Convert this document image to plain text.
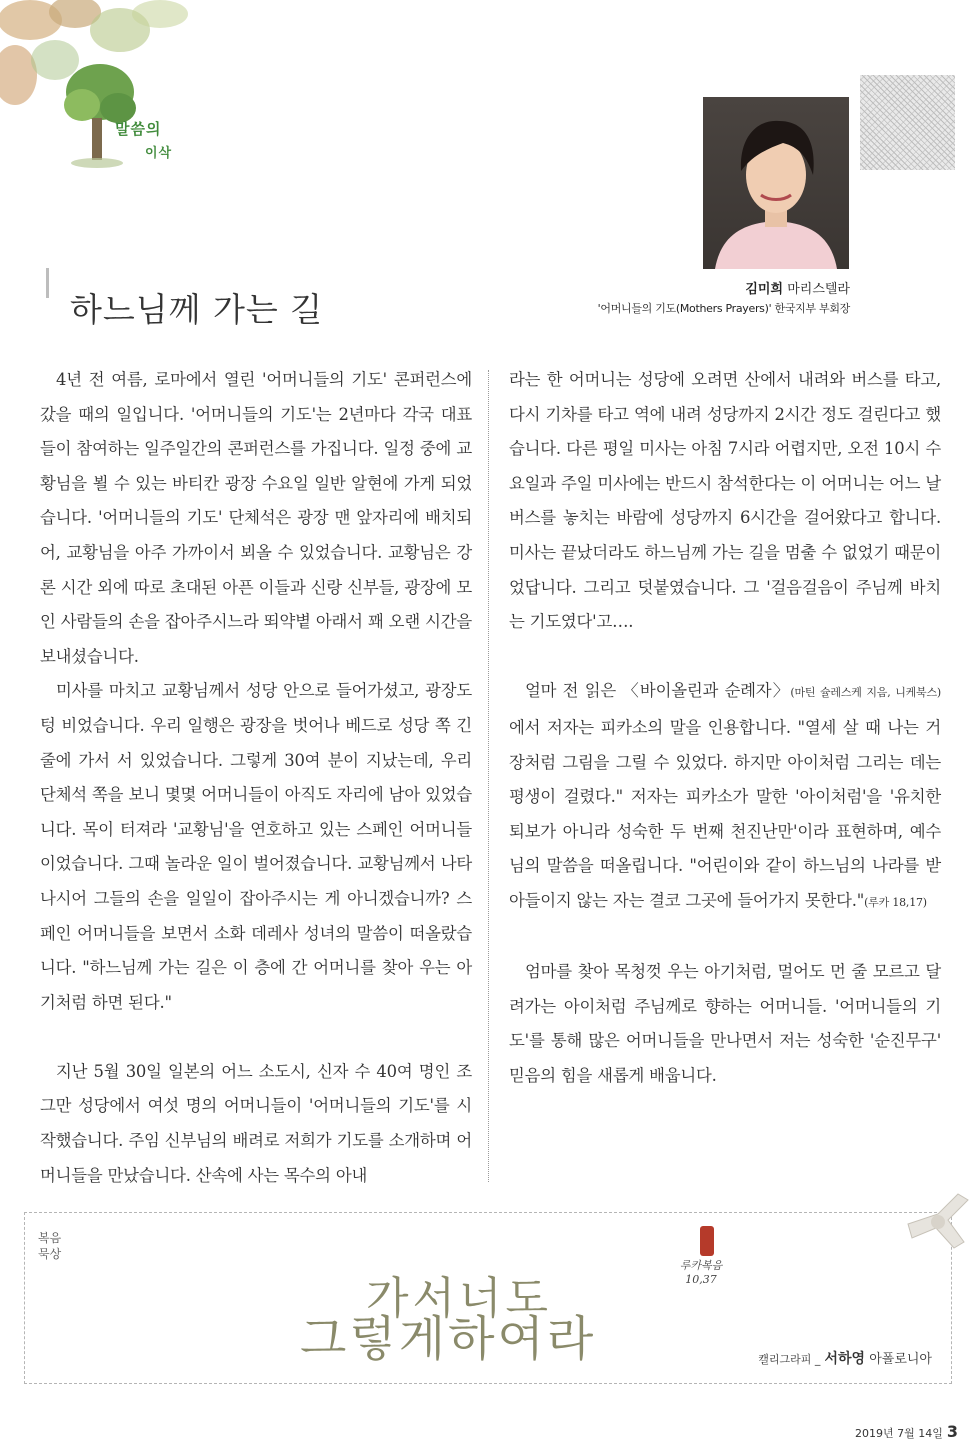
말씀의
이삭
김미희 마리스텔라
'어머니들의 기도(Mothers Prayers)' 한국지부 부회장
하느님께 가는 길

4년 전 여름, 로마에서 열린 '어머니들의 기도' 콘퍼런스에 갔을 때의 일입니다. '어머니들의 기도'는 2년마다 각국 대표들이 참여하는 일주일간의 콘퍼런스를 가집니다. 일정 중에 교황님을 뵐 수 있는 바티칸 광장 수요일 일반 알현에 가게 되었습니다. '어머니들의 기도' 단체석은 광장 맨 앞자리에 배치되어, 교황님을 아주 가까이서 뵈올 수 있었습니다. 교황님은 강론 시간 외에 따로 초대된 아픈 이들과 신랑 신부들, 광장에 모인 사람들의 손을 잡아주시느라 뙤약볕 아래서 꽤 오랜 시간을 보내셨습니다.

미사를 마치고 교황님께서 성당 안으로 들어가셨고, 광장도 텅 비었습니다. 우리 일행은 광장을 벗어나 베드로 성당 쪽 긴 줄에 가서 서 있었습니다. 그렇게 30여 분이 지났는데, 우리 단체석 쪽을 보니 몇몇 어머니들이 아직도 자리에 남아 있었습니다. 목이 터져라 '교황님'을 연호하고 있는 스페인 어머니들이었습니다. 그때 놀라운 일이 벌어졌습니다. 교황님께서 나타나시어 그들의 손을 일일이 잡아주시는 게 아니겠습니까? 스페인 어머니들을 보면서 소화 데레사 성녀의 말씀이 떠올랐습니다. "하느님께 가는 길은 이 층에 간 어머니를 찾아 우는 아기처럼 하면 된다."

지난 5월 30일 일본의 어느 소도시, 신자 수 40여 명인 조그만 성당에서 여섯 명의 어머니들이 '어머니들의 기도'를 시작했습니다. 주임 신부님의 배려로 저희가 기도를 소개하며 어머니들을 만났습니다. 산속에 사는 목수의 아내

라는 한 어머니는 성당에 오려면 산에서 내려와 버스를 타고, 다시 기차를 타고 역에 내려 성당까지 2시간 정도 걸린다고 했습니다. 다른 평일 미사는 아침 7시라 어렵지만, 오전 10시 수요일과 주일 미사에는 반드시 참석한다는 이 어머니는 어느 날 버스를 놓치는 바람에 성당까지 6시간을 걸어왔다고 합니다. 미사는 끝났더라도 하느님께 가는 길을 멈출 수 없었기 때문이었답니다. 그리고 덧붙였습니다. 그 '걸음걸음이 주님께 바치는 기도였다'고….

얼마 전 읽은 〈바이올린과 순례자〉(마틴 슐레스케 지음, 니케북스)에서 저자는 피카소의 말을 인용합니다. "열세 살 때 나는 거장처럼 그림을 그릴 수 있었다. 하지만 아이처럼 그리는 데는 평생이 걸렸다." 저자는 피카소가 말한 '아이처럼'을 '유치한 퇴보가 아니라 성숙한 두 번째 천진난만'이라 표현하며, 예수님의 말씀을 떠올립니다. "어린이와 같이 하느님의 나라를 받아들이지 않는 자는 결코 그곳에 들어가지 못한다."(루카 18,17)

엄마를 찾아 목청껏 우는 아기처럼, 멀어도 먼 줄 모르고 달려가는 아이처럼 주님께로 향하는 어머니들. '어머니들의 기도'를 통해 많은 어머니들을 만나면서 저는 성숙한 '순진무구' 믿음의 힘을 새롭게 배웁니다.

복음
묵상
가서너도
그렇게하여라
루카복음 10,37
캘리그라피 _ 서하영 아폴로니아
2019년 7월 14일 3
